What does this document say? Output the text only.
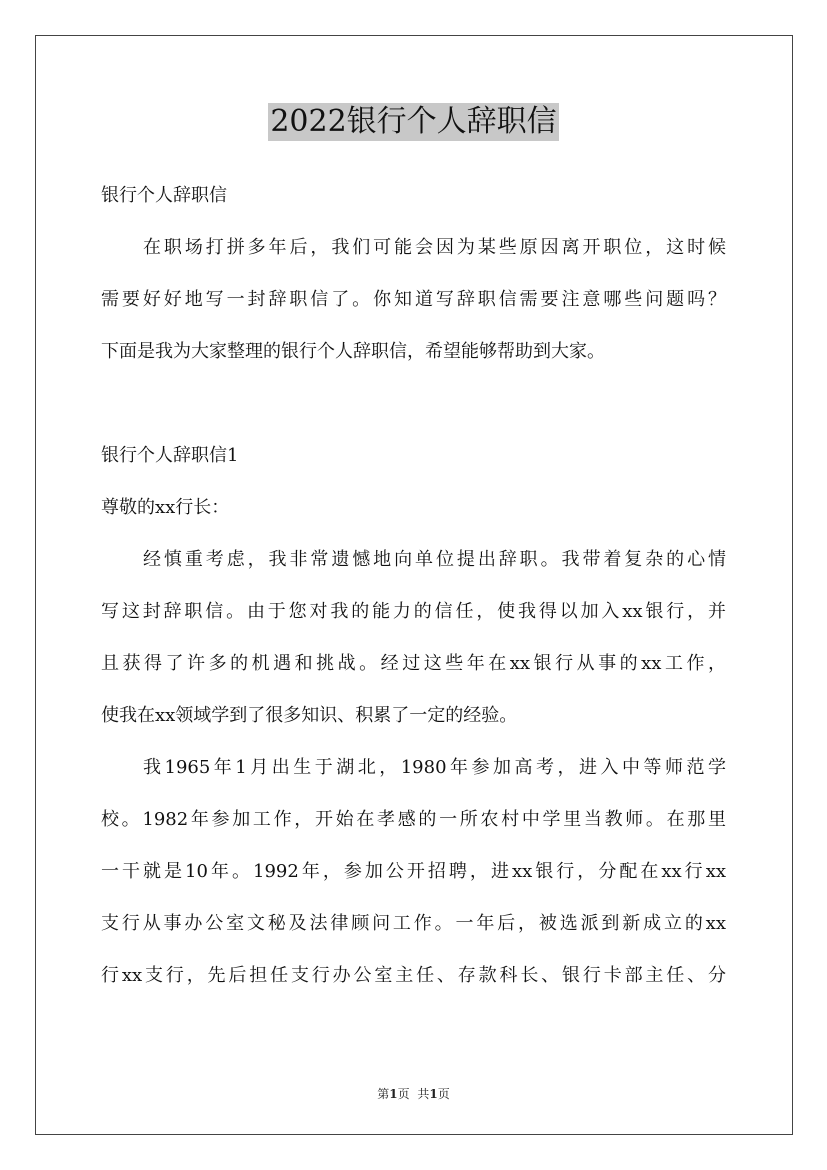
2022银行个人辞职信
银行个人辞职信
在职场打拼多年后，我们可能会因为某些原因离开职位，这时候
需要好好地写一封辞职信了。你知道写辞职信需要注意哪些问题吗？
下面是我为大家整理的银行个人辞职信，希望能够帮助到大家。
银行个人辞职信1
尊敬的xx行长：
经慎重考虑，我非常遗憾地向单位提出辞职。我带着复杂的心情
写这封辞职信。由于您对我的能力的信任，使我得以加入xx银行，并
且获得了许多的机遇和挑战。经过这些年在xx银行从事的xx工作，
使我在xx领域学到了很多知识、积累了一定的经验。
我1965年1月出生于湖北，1980年参加高考，进入中等师范学
校。1982年参加工作，开始在孝感的一所农村中学里当教师。在那里
一干就是10年。1992年，参加公开招聘，进xx银行，分配在xx行xx
支行从事办公室文秘及法律顾问工作。一年后，被选派到新成立的xx
行xx支行，先后担任支行办公室主任、存款科长、银行卡部主任、分
第1页 共1页
